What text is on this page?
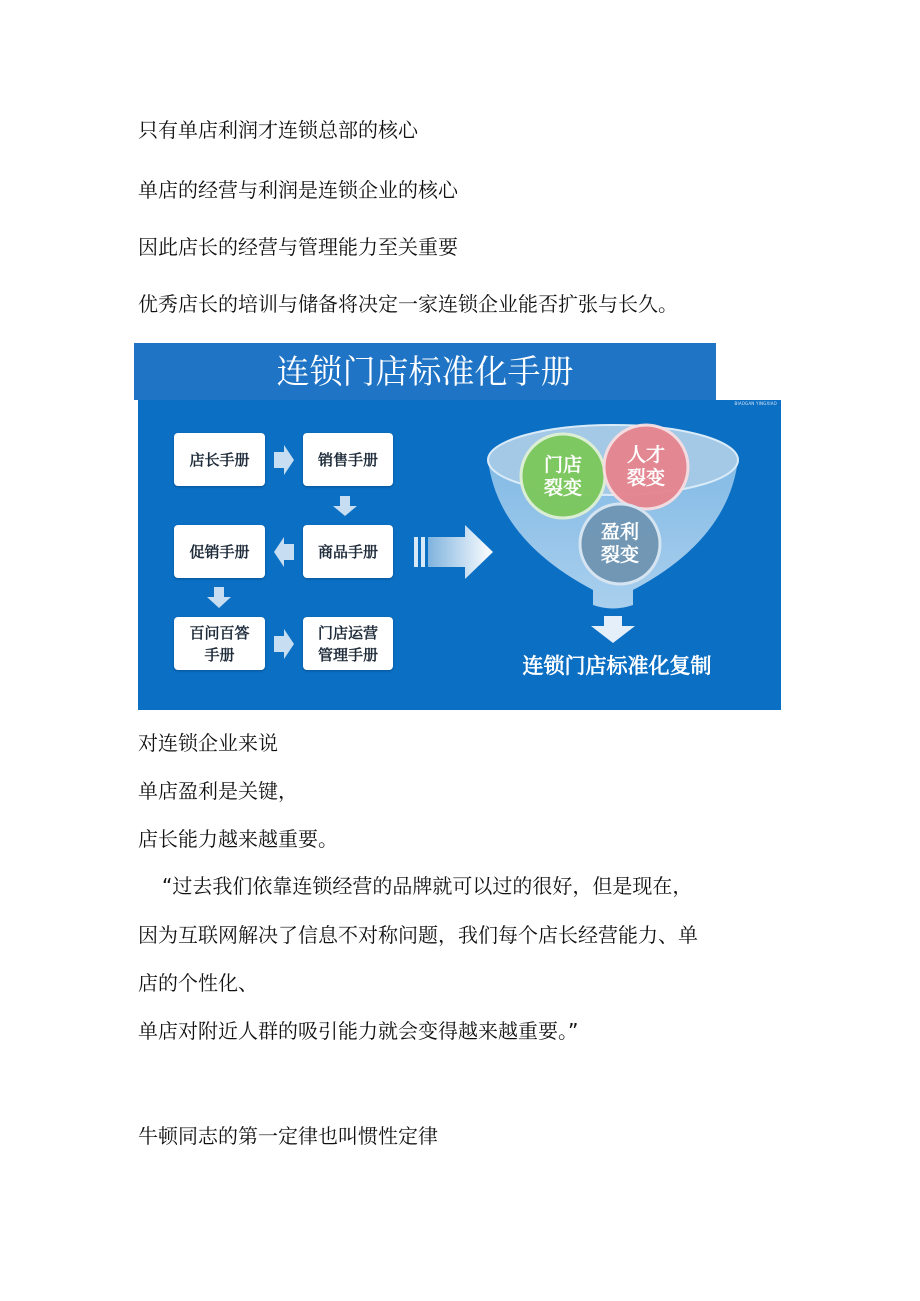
只有单店利润才连锁总部的核心
单店的经营与利润是连锁企业的核心
因此店长的经营与管理能力至关重要
优秀店长的培训与储备将决定一家连锁企业能否扩张与长久。
连锁门店标准化手册
BIAOGAN YINGXIAO
店长手册	销售手册
促销手册	商品手册
百问百答
手册
门店运营
管理手册
门店
裂变
人才
裂变
盈利
裂变
连锁门店标准化复制
对连锁企业来说
单店盈利是关键，
店长能力越来越重要。
“过去我们依靠连锁经营的品牌就可以过的很好，但是现在，
因为互联网解决了信息不对称问题，我们每个店长经营能力、单
店的个性化、
单店对附近人群的吸引能力就会变得越来越重要。”
牛顿同志的第一定律也叫惯性定律
